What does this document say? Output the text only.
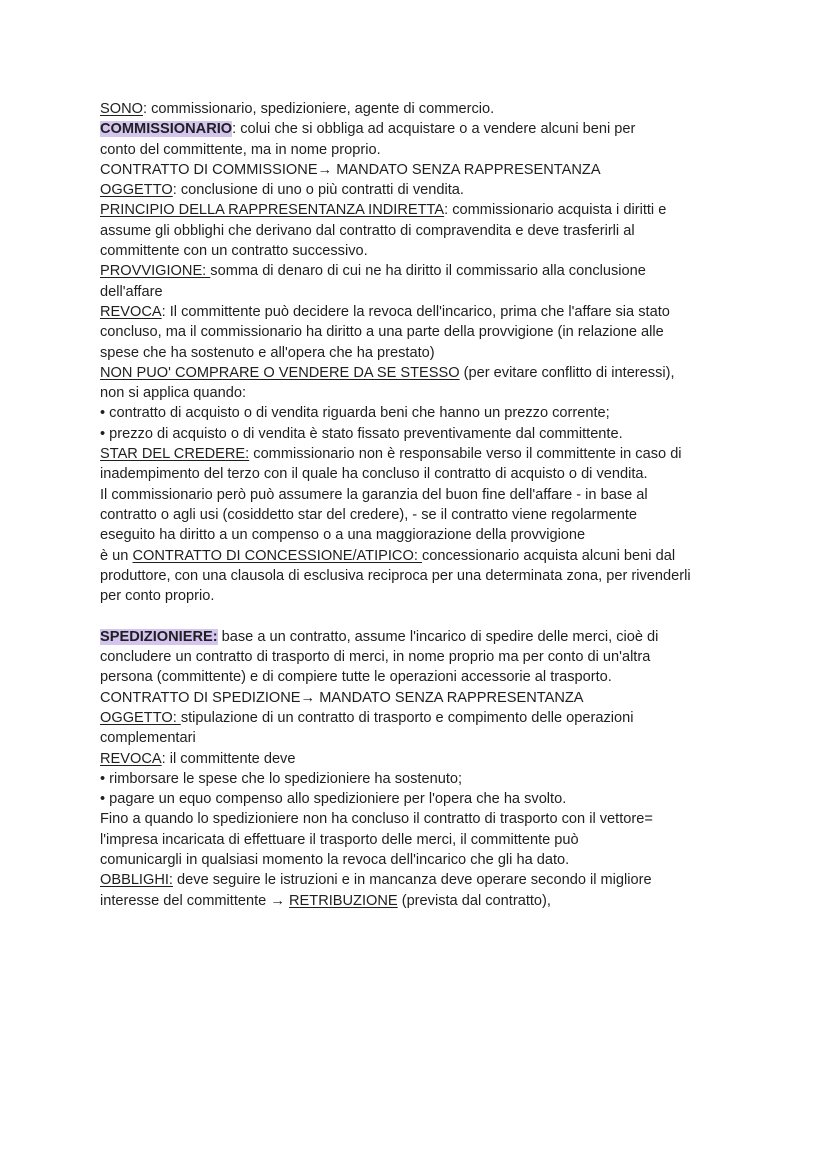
SONO: commissionario, spedizioniere, agente di commercio.
COMMISSIONARIO: colui che si obbliga ad acquistare o a vendere alcuni beni per
conto del committente, ma in nome proprio.
CONTRATTO DI COMMISSIONE→ MANDATO SENZA RAPPRESENTANZA
OGGETTO: conclusione di uno o più contratti di vendita.
PRINCIPIO DELLA RAPPRESENTANZA INDIRETTA: commissionario acquista i diritti e
assume gli obblighi che derivano dal contratto di compravendita e deve trasferirli al
committente con un contratto successivo.
PROVVIGIONE: somma di denaro di cui ne ha diritto il commissario alla conclusione
dell'affare
REVOCA: Il committente può decidere la revoca dell'incarico, prima che l'affare sia stato
concluso, ma il commissionario ha diritto a una parte della provvigione (in relazione alle
spese che ha sostenuto e all'opera che ha prestato)
NON PUO' COMPRARE O VENDERE DA SE STESSO (per evitare conflitto di interessi),
non si applica quando:
• contratto di acquisto o di vendita riguarda beni che hanno un prezzo corrente;
• prezzo di acquisto o di vendita è stato fissato preventivamente dal committente.
STAR DEL CREDERE: commissionario non è responsabile verso il committente in caso di
inadempimento del terzo con il quale ha concluso il contratto di acquisto o di vendita.
Il commissionario però può assumere la garanzia del buon fine dell'affare - in base al
contratto o agli usi (cosiddetto star del credere), - se il contratto viene regolarmente
eseguito ha diritto a un compenso o a una maggiorazione della provvigione
è un CONTRATTO DI CONCESSIONE/ATIPICO: concessionario acquista alcuni beni dal
produttore, con una clausola di esclusiva reciproca per una determinata zona, per rivenderli
per conto proprio.
SPEDIZIONIERE: base a un contratto, assume l'incarico di spedire delle merci, cioè di
concludere un contratto di trasporto di merci, in nome proprio ma per conto di un'altra
persona (committente) e di compiere tutte le operazioni accessorie al trasporto.
CONTRATTO DI SPEDIZIONE→ MANDATO SENZA RAPPRESENTANZA
OGGETTO: stipulazione di un contratto di trasporto e compimento delle operazioni
complementari
REVOCA: il committente deve
• rimborsare le spese che lo spedizioniere ha sostenuto;
• pagare un equo compenso allo spedizioniere per l'opera che ha svolto.
Fino a quando lo spedizioniere non ha concluso il contratto di trasporto con il vettore=
l'impresa incaricata di effettuare il trasporto delle merci, il committente può
comunicargli in qualsiasi momento la revoca dell'incarico che gli ha dato.
OBBLIGHI: deve seguire le istruzioni e in mancanza deve operare secondo il migliore
interesse del committente → RETRIBUZIONE (prevista dal contratto),
